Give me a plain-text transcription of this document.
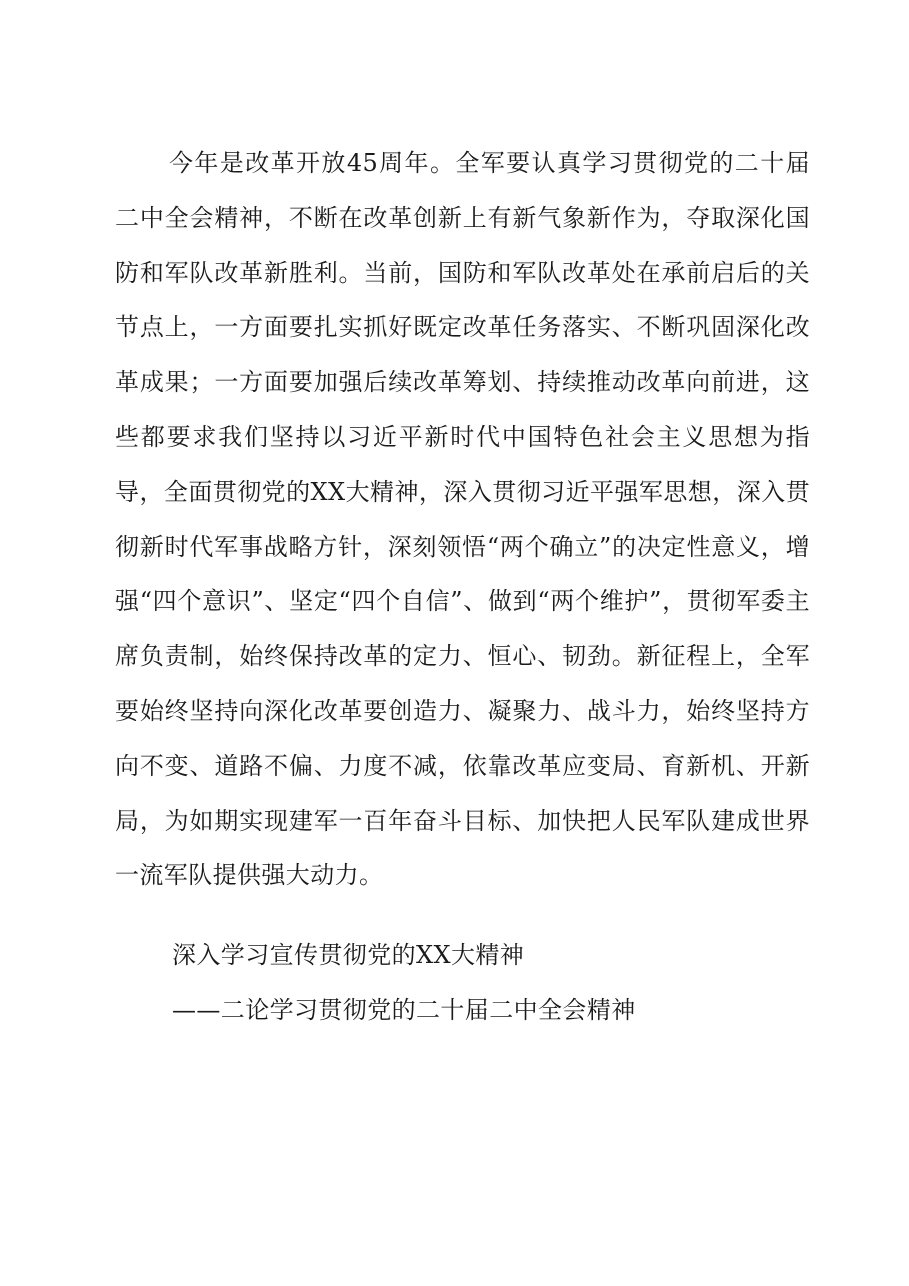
今年是改革开放45周年。全军要认真学习贯彻党的二十届二中全会精神，不断在改革创新上有新气象新作为，夺取深化国防和军队改革新胜利。当前，国防和军队改革处在承前启后的关节点上，一方面要扎实抓好既定改革任务落实、不断巩固深化改革成果；一方面要加强后续改革筹划、持续推动改革向前进，这些都要求我们坚持以习近平新时代中国特色社会主义思想为指导，全面贯彻党的XX大精神，深入贯彻习近平强军思想，深入贯彻新时代军事战略方针，深刻领悟“两个确立”的决定性意义，增强“四个意识”、坚定“四个自信”、做到“两个维护”，贯彻军委主席负责制，始终保持改革的定力、恒心、韧劲。新征程上，全军要始终坚持向深化改革要创造力、凝聚力、战斗力，始终坚持方向不变、道路不偏、力度不减，依靠改革应变局、育新机、开新局，为如期实现建军一百年奋斗目标、加快把人民军队建成世界一流军队提供强大动力。

深入学习宣传贯彻党的XX大精神

——二论学习贯彻党的二十届二中全会精神
